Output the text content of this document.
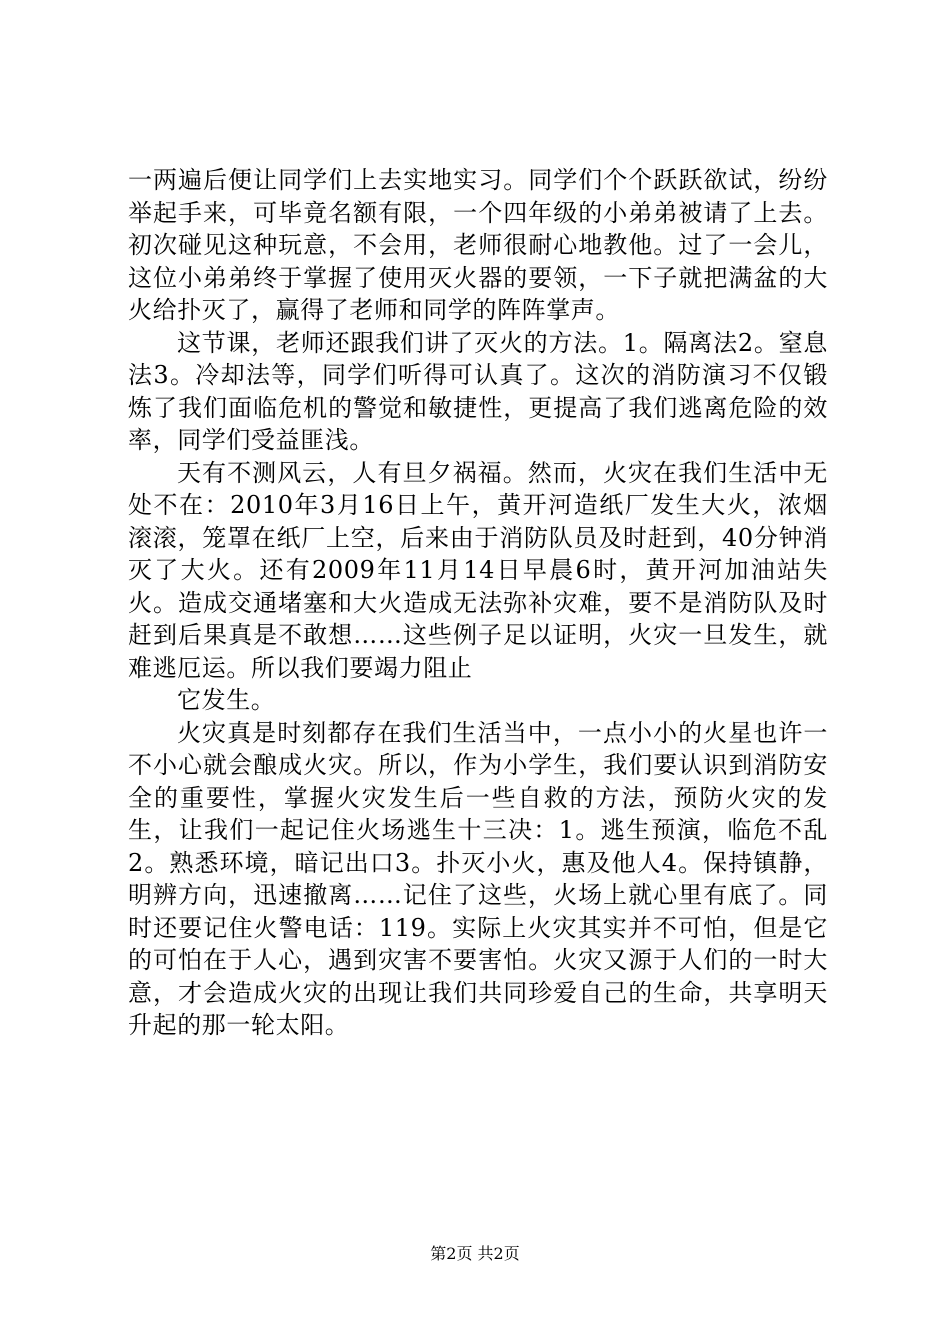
一两遍后便让同学们上去实地实习。同学们个个跃跃欲试，纷纷举起手来，可毕竟名额有限，一个四年级的小弟弟被请了上去。初次碰见这种玩意，不会用，老师很耐心地教他。过了一会儿，这位小弟弟终于掌握了使用灭火器的要领，一下子就把满盆的大火给扑灭了，赢得了老师和同学的阵阵掌声。

这节课，老师还跟我们讲了灭火的方法。1。隔离法2。窒息法3。冷却法等，同学们听得可认真了。这次的消防演习不仅锻炼了我们面临危机的警觉和敏捷性，更提高了我们逃离危险的效率，同学们受益匪浅。

天有不测风云，人有旦夕祸福。然而，火灾在我们生活中无处不在：2010年3月16日上午，黄开河造纸厂发生大火，浓烟滚滚，笼罩在纸厂上空，后来由于消防队员及时赶到，40分钟消灭了大火。还有2009年11月14日早晨6时，黄开河加油站失火。造成交通堵塞和大火造成无法弥补灾难，要不是消防队及时赶到后果真是不敢想……这些例子足以证明，火灾一旦发生，就难逃厄运。所以我们要竭力阻止

它发生。

火灾真是时刻都存在我们生活当中，一点小小的火星也许一不小心就会酿成火灾。所以，作为小学生，我们要认识到消防安全的重要性，掌握火灾发生后一些自救的方法，预防火灾的发生，让我们一起记住火场逃生十三决：1。逃生预演，临危不乱2。熟悉环境，暗记出口3。扑灭小火，惠及他人4。保持镇静，明辨方向，迅速撤离……记住了这些，火场上就心里有底了。同时还要记住火警电话：119。实际上火灾其实并不可怕，但是它的可怕在于人心，遇到灾害不要害怕。火灾又源于人们的一时大意，才会造成火灾的出现让我们共同珍爱自己的生命，共享明天升起的那一轮太阳。

第2页 共2页
